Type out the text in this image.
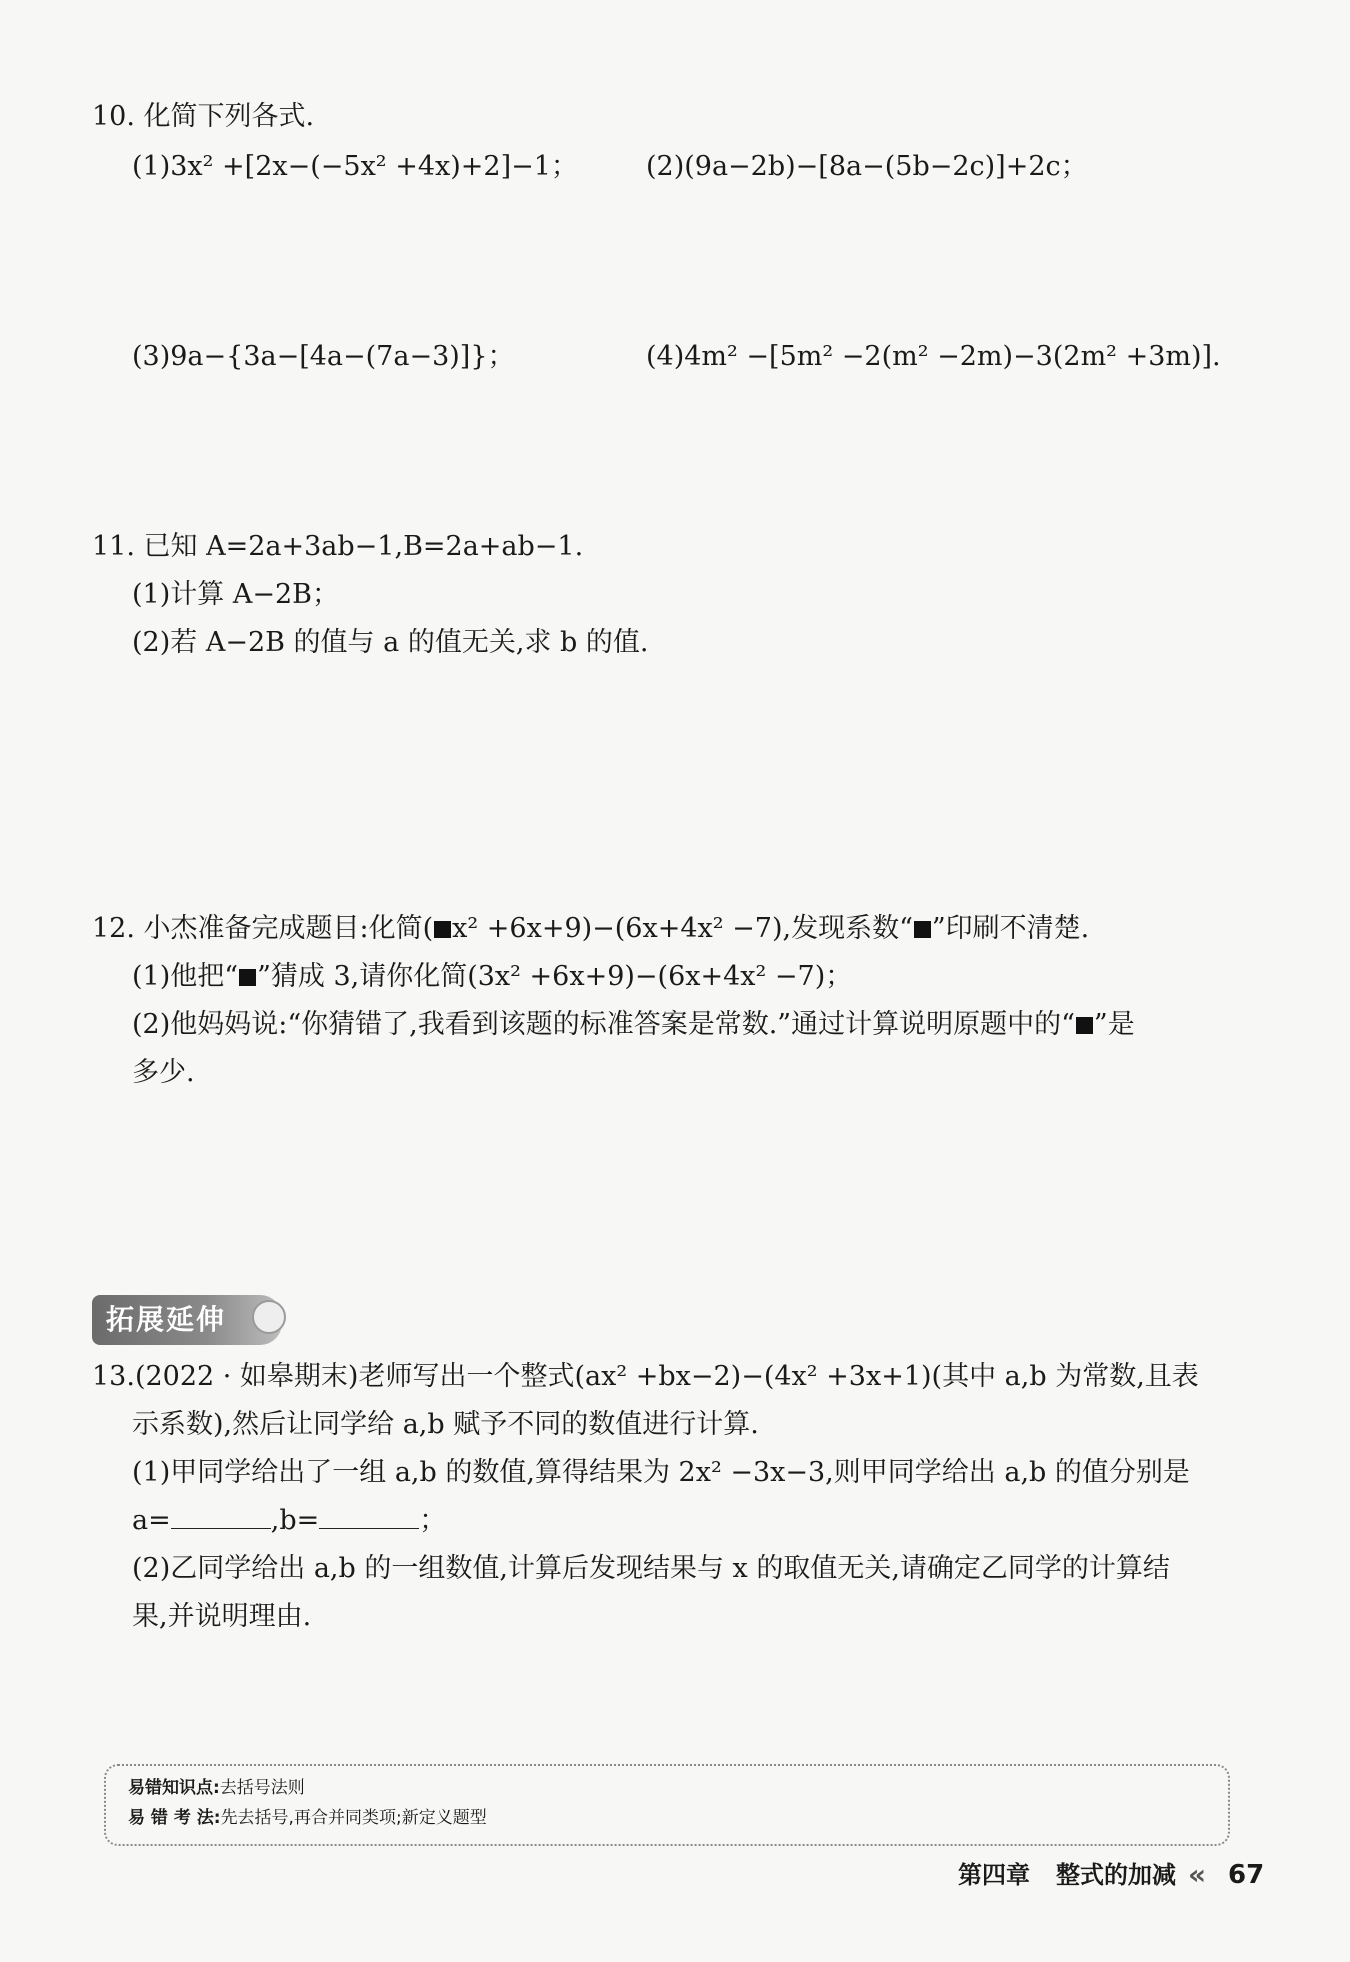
10. 化简下列各式.
(1)3x² +[2x−(−5x² +4x)+2]−1；	(2)(9a−2b)−[8a−(5b−2c)]+2c；
(3)9a−{3a−[4a−(7a−3)]}；	(4)4m² −[5m² −2(m² −2m)−3(2m² +3m)].
11. 已知 A=2a+3ab−1,B=2a+ab−1.
(1)计算 A−2B；
(2)若 A−2B 的值与 a 的值无关,求 b 的值.
12. 小杰准备完成题目:化简( x² +6x+9)−(6x+4x² −7),发现系数“ ”印刷不清楚.
(1)他把“ ”猜成 3,请你化简(3x² +6x+9)−(6x+4x² −7)；
(2)他妈妈说:“你猜错了,我看到该题的标准答案是常数.”通过计算说明原题中的“ ”是
多少.
拓展延伸
13.(2022 · 如皋期末)老师写出一个整式(ax² +bx−2)−(4x² +3x+1)(其中 a,b 为常数,且表
示系数),然后让同学给 a,b 赋予不同的数值进行计算.
(1)甲同学给出了一组 a,b 的数值,算得结果为 2x² −3x−3,则甲同学给出 a,b 的值分别是
a=	,b=	；
(2)乙同学给出 a,b 的一组数值,计算后发现结果与 x 的取值无关,请确定乙同学的计算结
果,并说明理由.
易错知识点:去括号法则
易 错 考 法:先去括号,再合并同类项;新定义题型
第四章 整式的加减 « 67
